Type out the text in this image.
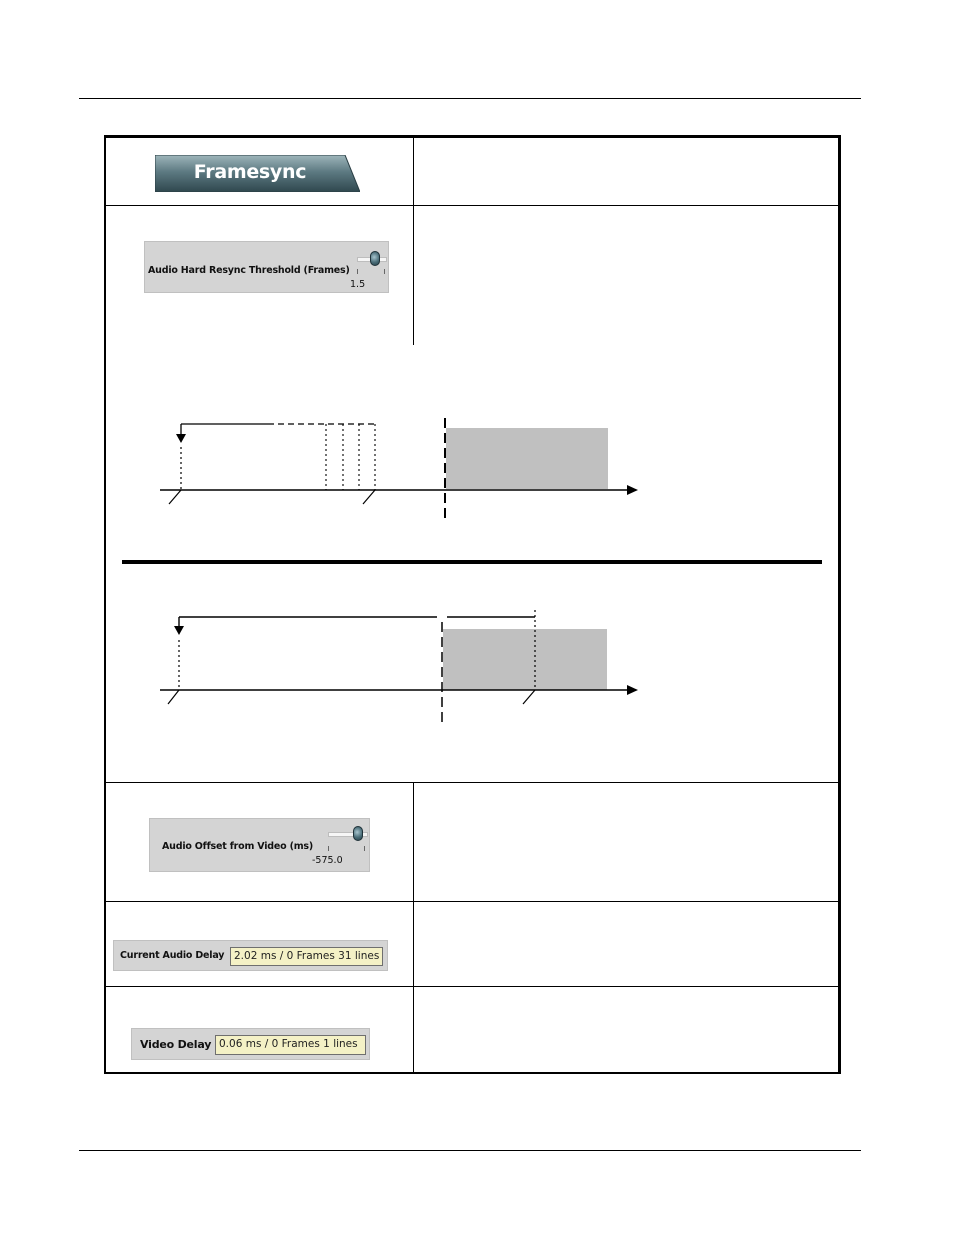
Framesync
Audio Hard Resync Threshold (Frames)
1.5
Audio Offset from Video (ms)
-575.0
Current Audio Delay 2.02 ms / 0 Frames 31 lines
Video Delay 0.06 ms / 0 Frames 1 lines
